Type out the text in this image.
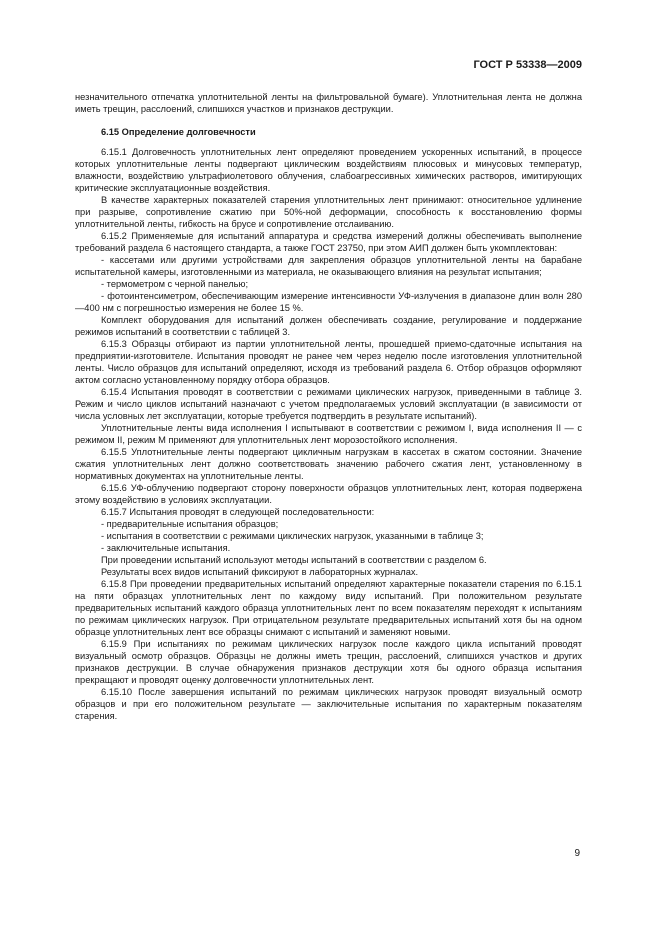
ГОСТ Р 53338—2009

незначительного отпечатка уплотнительной ленты на фильтровальной бумаге). Уплотнительная лента не должна иметь трещин, расслоений, слипшихся участков и признаков деструкции.

6.15 Определение долговечности

6.15.1 Долговечность уплотнительных лент определяют проведением ускоренных испытаний, в процессе которых уплотнительные ленты подвергают циклическим воздействиям плюсовых и минусовых температур, влажности, воздействию ультрафиолетового облучения, слабоагрессивных химических растворов, имитирующих критические эксплуатационные воздействия.

В качестве характерных показателей старения уплотнительных лент принимают: относительное удлинение при разрыве, сопротивление сжатию при 50%-ной деформации, способность к восстановлению формы уплотнительной ленты, гибкость на брусе и сопротивление отслаиванию.

6.15.2 Применяемые для испытаний аппаратура и средства измерений должны обеспечивать выполнение требований раздела 6 настоящего стандарта, а также ГОСТ 23750, при этом АИП должен быть укомплектован:

- кассетами или другими устройствами для закрепления образцов уплотнительной ленты на барабане испытательной камеры, изготовленными из материала, не оказывающего влияния на результат испытания;

- термометром с черной панелью;

- фотоинтенсиметром, обеспечивающим измерение интенсивности УФ-излучения в диапазоне длин волн 280—400 нм с погрешностью измерения не более 15 %.

Комплект оборудования для испытаний должен обеспечивать создание, регулирование и поддержание режимов испытаний в соответствии с таблицей 3.

6.15.3 Образцы отбирают из партии уплотнительной ленты, прошедшей приемо-сдаточные испытания на предприятии-изготовителе. Испытания проводят не ранее чем через неделю после изготовления уплотнительной ленты. Число образцов для испытаний определяют, исходя из требований раздела 6. Отбор образцов оформляют актом согласно установленному порядку отбора образцов.

6.15.4 Испытания проводят в соответствии с режимами циклических нагрузок, приведенными в таблице 3. Режим и число циклов испытаний назначают с учетом предполагаемых условий эксплуатации (в зависимости от числа условных лет эксплуатации, которые требуется подтвердить в результате испытаний).

Уплотнительные ленты вида исполнения I испытывают в соответствии с режимом I, вида исполнения II — с режимом II, режим М применяют для уплотнительных лент морозостойкого исполнения.

6.15.5 Уплотнительные ленты подвергают цикличным нагрузкам в кассетах в сжатом состоянии. Значение сжатия уплотнительных лент должно соответствовать значению рабочего сжатия лент, установленному в нормативных документах на уплотнительные ленты.

6.15.6 УФ-облучению подвергают сторону поверхности образцов уплотнительных лент, которая подвержена этому воздействию в условиях эксплуатации.

6.15.7 Испытания проводят в следующей последовательности:

- предварительные испытания образцов;

- испытания в соответствии с режимами циклических нагрузок, указанными в таблице 3;

- заключительные испытания.

При проведении испытаний используют методы испытаний в соответствии с разделом 6.

Результаты всех видов испытаний фиксируют в лабораторных журналах.

6.15.8 При проведении предварительных испытаний определяют характерные показатели старения по 6.15.1 на пяти образцах уплотнительных лент по каждому виду испытаний. При положительном результате предварительных испытаний каждого образца уплотнительных лент по всем показателям переходят к испытаниям по режимам циклических нагрузок. При отрицательном результате предварительных испытаний хотя бы на одном образце уплотнительных лент все образцы снимают с испытаний и заменяют новыми.

6.15.9 При испытаниях по режимам циклических нагрузок после каждого цикла испытаний проводят визуальный осмотр образцов. Образцы не должны иметь трещин, расслоений, слипшихся участков и других признаков деструкции. В случае обнаружения признаков деструкции хотя бы одного образца испытания прекращают и проводят оценку долговечности уплотнительных лент.

6.15.10 После завершения испытаний по режимам циклических нагрузок проводят визуальный осмотр образцов и при его положительном результате — заключительные испытания по характерным показателям старения.

9
